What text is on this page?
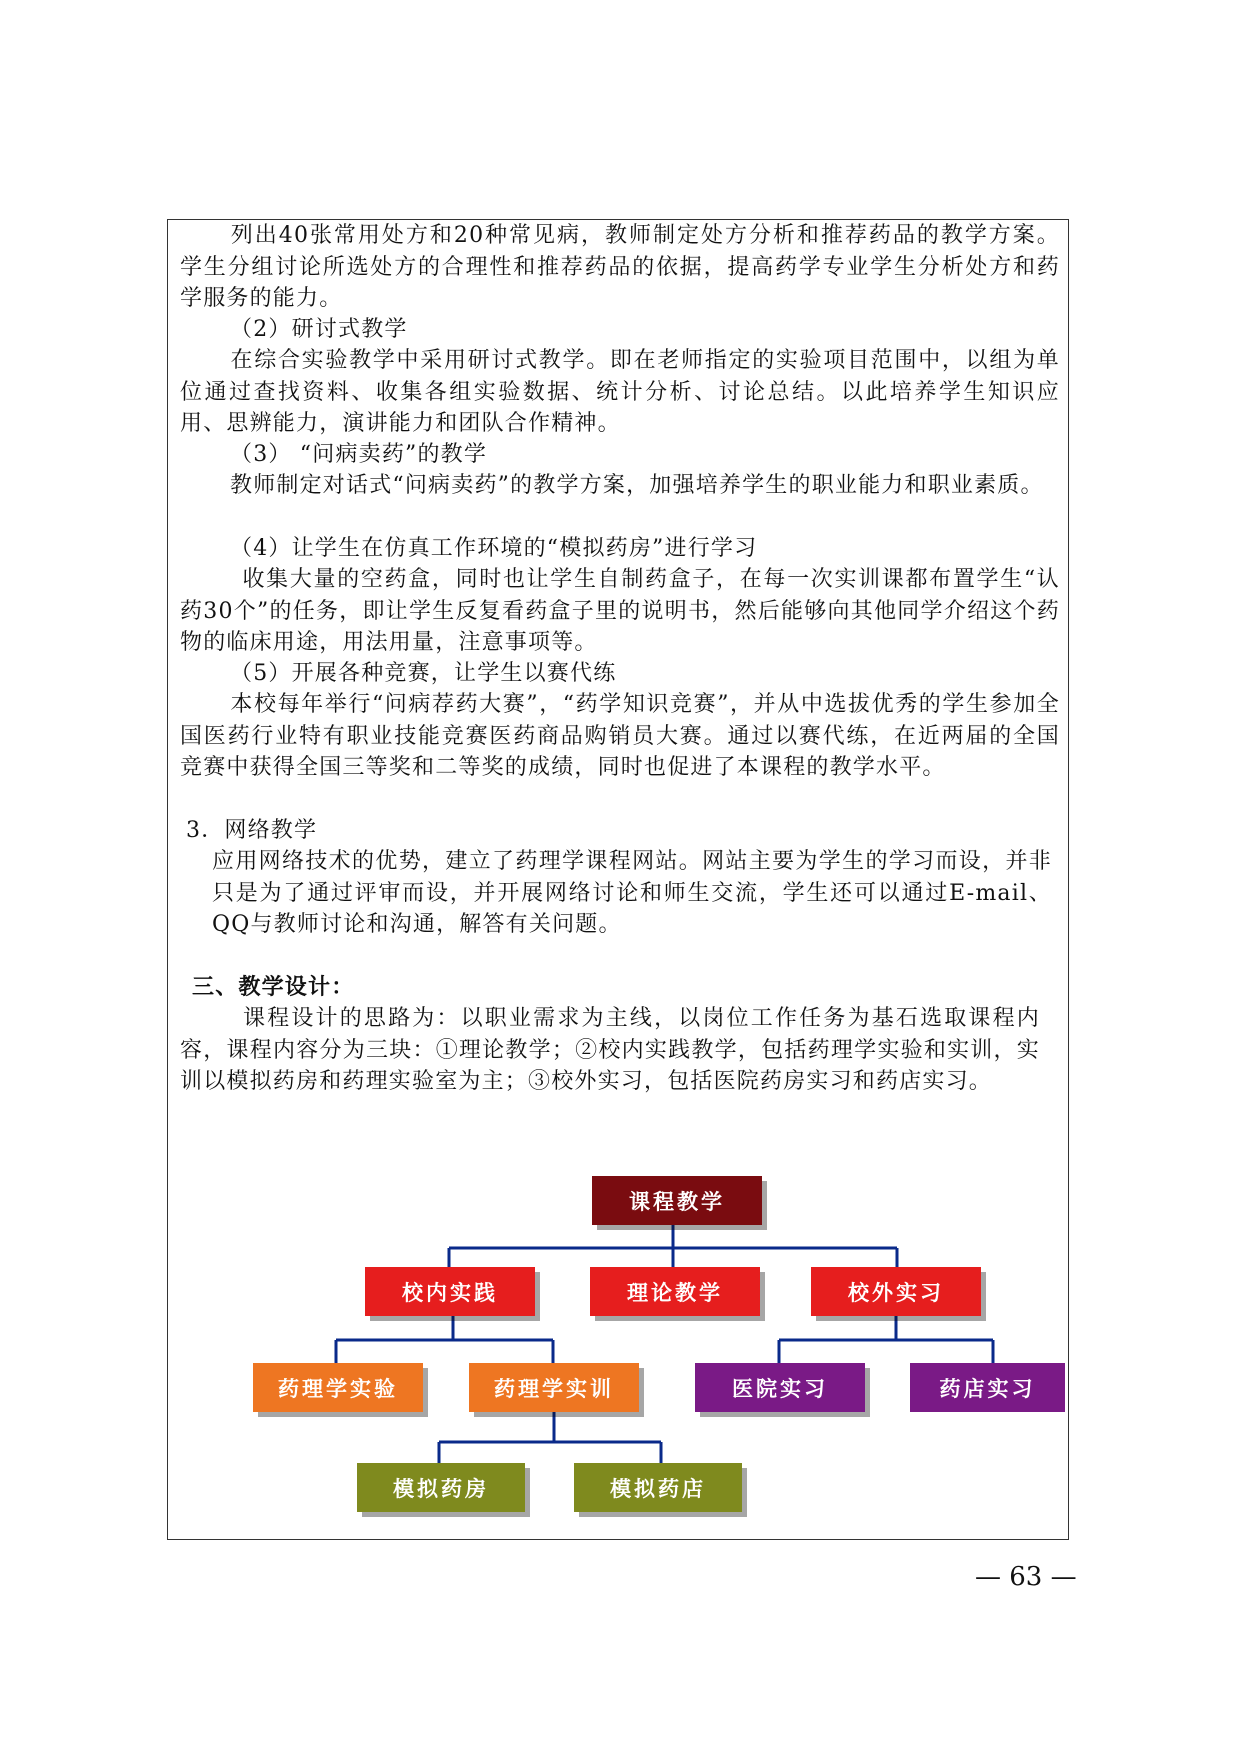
列出40张常用处方和20种常见病，教师制定处方分析和推荐药品的教学方案。 学生分组讨论所选处方的合理性和推荐药品的依据，提高药学专业学生分析处方和药学服务的能力。

（2）研讨式教学

在综合实验教学中采用研讨式教学。即在老师指定的实验项目范围中，以组为单位通过查找资料、收集各组实验数据、统计分析、讨论总结。以此培养学生知识应用、思辨能力，演讲能力和团队合作精神。

（3） “问病卖药”的教学

教师制定对话式“问病卖药”的教学方案，加强培养学生的职业能力和职业素质。

（4）让学生在仿真工作环境的“模拟药房”进行学习

收集大量的空药盒，同时也让学生自制药盒子，在每一次实训课都布置学生“认药30个”的任务，即让学生反复看药盒子里的说明书，然后能够向其他同学介绍这个药物的临床用途，用法用量，注意事项等。

（5）开展各种竞赛，让学生以赛代练

本校每年举行“问病荐药大赛”，“药学知识竞赛”，并从中选拔优秀的学生参加全国医药行业特有职业技能竞赛医药商品购销员大赛。通过以赛代练，在近两届的全国竞赛中获得全国三等奖和二等奖的成绩，同时也促进了本课程的教学水平。

3．网络教学

应用网络技术的优势，建立了药理学课程网站。网站主要为学生的学习而设，并非只是为了通过评审而设，并开展网络讨论和师生交流，学生还可以通过E-mail、QQ与教师讨论和沟通，解答有关问题。

三、教学设计：

课程设计的思路为：以职业需求为主线，以岗位工作任务为基石选取课程内容，课程内容分为三块：①理论教学；②校内实践教学，包括药理学实验和实训，实训以模拟药房和药理实验室为主；③校外实习，包括医院药房实习和药店实习。

课程教学
校内实践	理论教学	校外实习
药理学实验	药理学实训	医院实习	药店实习
模拟药房	模拟药店
— 63 —
